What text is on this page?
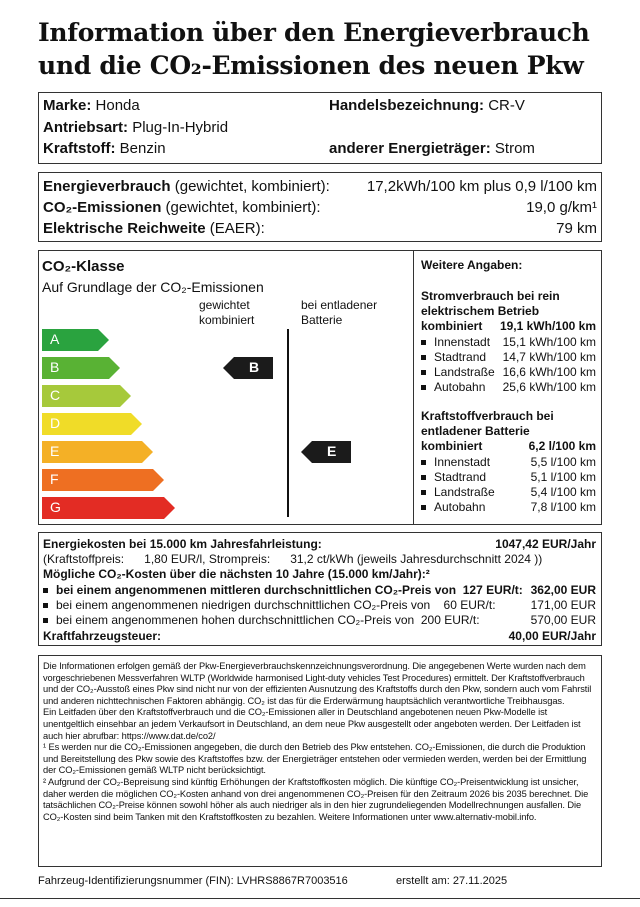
Information über den Energieverbrauch
und die CO₂-Emissionen des neuen Pkw
Marke: Honda	Handelsbezeichnung: CR-V
Antriebsart: Plug-In-Hybrid
Kraftstoff: Benzin	anderer Energieträger: Strom
Energieverbrauch (gewichtet, kombiniert): 17,2kWh/100 km plus 0,9 l/100 km
CO₂-Emissionen (gewichtet, kombiniert):	19,0 g/km¹
Elektrische Reichweite (EAER):	79 km
CO₂-Klasse
Auf Grundlage der CO₂-Emissionen
gewichtet
kombiniert
bei entladener
Batterie
A
B
C
D
E
F
G
B
E
Weitere Angaben:
Stromverbrauch bei rein
elektrischem Betrieb
kombiniert 19,1 kWh/100 km
Innenstadt 15,1 kWh/100 km
Stadtrand 14,7 kWh/100 km
Landstraße 16,6 kWh/100 km
Autobahn 25,6 kWh/100 km
Kraftstoffverbrauch bei
entladener Batterie
kombiniert	6,2 l/100 km
Innenstadt	5,5 l/100 km
Stadtrand	5,1 l/100 km
Landstraße	5,4 l/100 km
Autobahn	7,8 l/100 km
Energiekosten bei 15.000 km Jahresfahrleistung:	1047,42 EUR/Jahr
(Kraftstoffpreis:      1,80 EUR/l, Strompreis:      31,2 ct/kWh (jeweils Jahresdurchschnitt 2024 ))
Mögliche CO₂-Kosten über die nächsten 10 Jahre (15.000 km/Jahr):²
bei einem angenommenen mittleren durchschnittlichen CO₂-Preis von  127 EUR/t: 362,00 EUR
bei einem angenommenen niedrigen durchschnittlichen CO₂-Preis von    60 EUR/t:	171,00 EUR
bei einem angenommenen hohen durchschnittlichen CO₂-Preis von  200 EUR/t:	570,00 EUR
Kraftfahrzeugsteuer:	40,00 EUR/Jahr

Die Informationen erfolgen gemäß der Pkw-Energieverbrauchskennzeichnungsverordnung. Die angegebenen Werte wurden nach dem vorgeschriebenen Messverfahren WLTP (Worldwide harmonised Light-duty vehicles Test Procedures) ermittelt. Der Kraftstoffverbrauch und der CO₂-Ausstoß eines Pkw sind nicht nur von der effizienten Ausnutzung des Kraftstoffs durch den Pkw, sondern auch vom Fahrstil und anderen nichttechnischen Faktoren abhängig. CO₂ ist das für die Erderwärmung hauptsächlich verantwortliche Treibhausgas.

Ein Leitfaden über den Kraftstoffverbrauch und die CO₂-Emissionen aller in Deutschland angebotenen neuen Pkw-Modelle ist unentgeltlich einsehbar an jedem Verkaufsort in Deutschland, an dem neue Pkw ausgestellt oder angeboten werden. Der Leitfaden ist auch hier abrufbar: https://www.dat.de/co2/

¹ Es werden nur die CO₂-Emissionen angegeben, die durch den Betrieb des Pkw entstehen. CO₂-Emissionen, die durch die Produktion und Bereitstellung des Pkw sowie des Kraftstoffes bzw. der Energieträger entstehen oder vermieden werden, werden bei der Ermittlung der CO₂-Emissionen gemäß WLTP nicht berücksichtigt.

² Aufgrund der CO₂-Bepreisung sind künftig Erhöhungen der Kraftstoffkosten möglich. Die künftige CO₂-Preisentwicklung ist unsicher, daher werden die möglichen CO₂-Kosten anhand von drei angenommenen CO₂-Preisen für den Zeitraum 2026 bis 2035 berechnet. Die tatsächlichen CO₂-Preise können sowohl höher als auch niedriger als in den hier zugrundeliegenden Modellrechnungen ausfallen. Die CO₂-Kosten sind beim Tanken mit den Kraftstoffkosten zu bezahlen. Weitere Informationen unter www.alternativ-mobil.info.

Fahrzeug-Identifizierungsnummer (FIN): LVHRS8867R7003516	erstellt am: 27.11.2025
